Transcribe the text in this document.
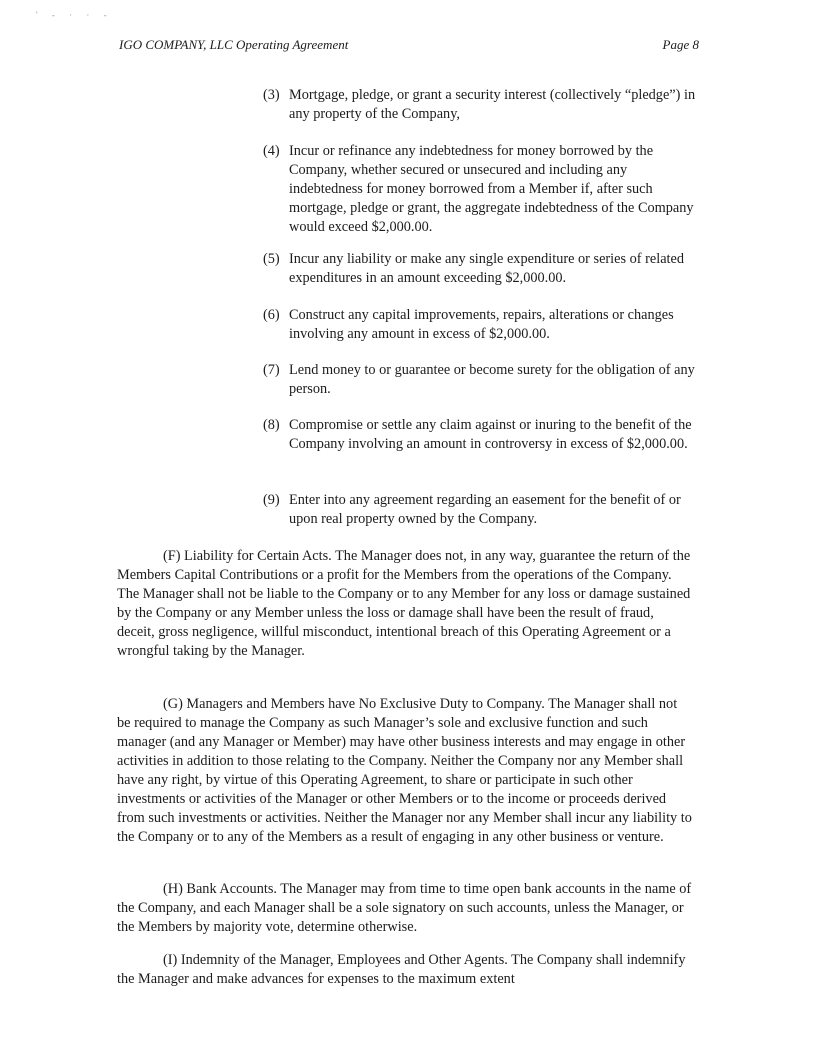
' - · · -
IGO COMPANY, LLC Operating Agreement	Page 8
(3) Mortgage, pledge, or grant a security interest (collectively “pledge”) in any property of the Company,
(4) Incur or refinance any indebtedness for money borrowed by the Company, whether secured or unsecured and including any indebtedness for money borrowed from a Member if, after such mortgage, pledge or grant, the aggregate indebtedness of the Company would exceed $2,000.00.
(5) Incur any liability or make any single expenditure or series of related expenditures in an amount exceeding $2,000.00.
(6) Construct any capital improvements, repairs, alterations or changes involving any amount in excess of $2,000.00.
(7) Lend money to or guarantee or become surety for the obligation of any person.
(8) Compromise or settle any claim against or inuring to the benefit of the Company involving an amount in controversy in excess of $2,000.00.
(9) Enter into any agreement regarding an easement for the benefit of or upon real property owned by the Company.
(F) Liability for Certain Acts. The Manager does not, in any way, guarantee the return of the Members Capital Contributions or a profit for the Members from the operations of the Company. The Manager shall not be liable to the Company or to any Member for any loss or damage sustained by the Company or any Member unless the loss or damage shall have been the result of fraud, deceit, gross negligence, willful misconduct, intentional breach of this Operating Agreement or a wrongful taking by the Manager.
(G) Managers and Members have No Exclusive Duty to Company. The Manager shall not be required to manage the Company as such Manager’s sole and exclusive function and such manager (and any Manager or Member) may have other business interests and may engage in other activities in addition to those relating to the Company. Neither the Company nor any Member shall have any right, by virtue of this Operating Agreement, to share or participate in such other investments or activities of the Manager or other Members or to the income or proceeds derived from such investments or activities. Neither the Manager nor any Member shall incur any liability to the Company or to any of the Members as a result of engaging in any other business or venture.
(H) Bank Accounts. The Manager may from time to time open bank accounts in the name of the Company, and each Manager shall be a sole signatory on such accounts, unless the Manager, or the Members by majority vote, determine otherwise.
(I) Indemnity of the Manager, Employees and Other Agents. The Company shall indemnify the Manager and make advances for expenses to the maximum extent
